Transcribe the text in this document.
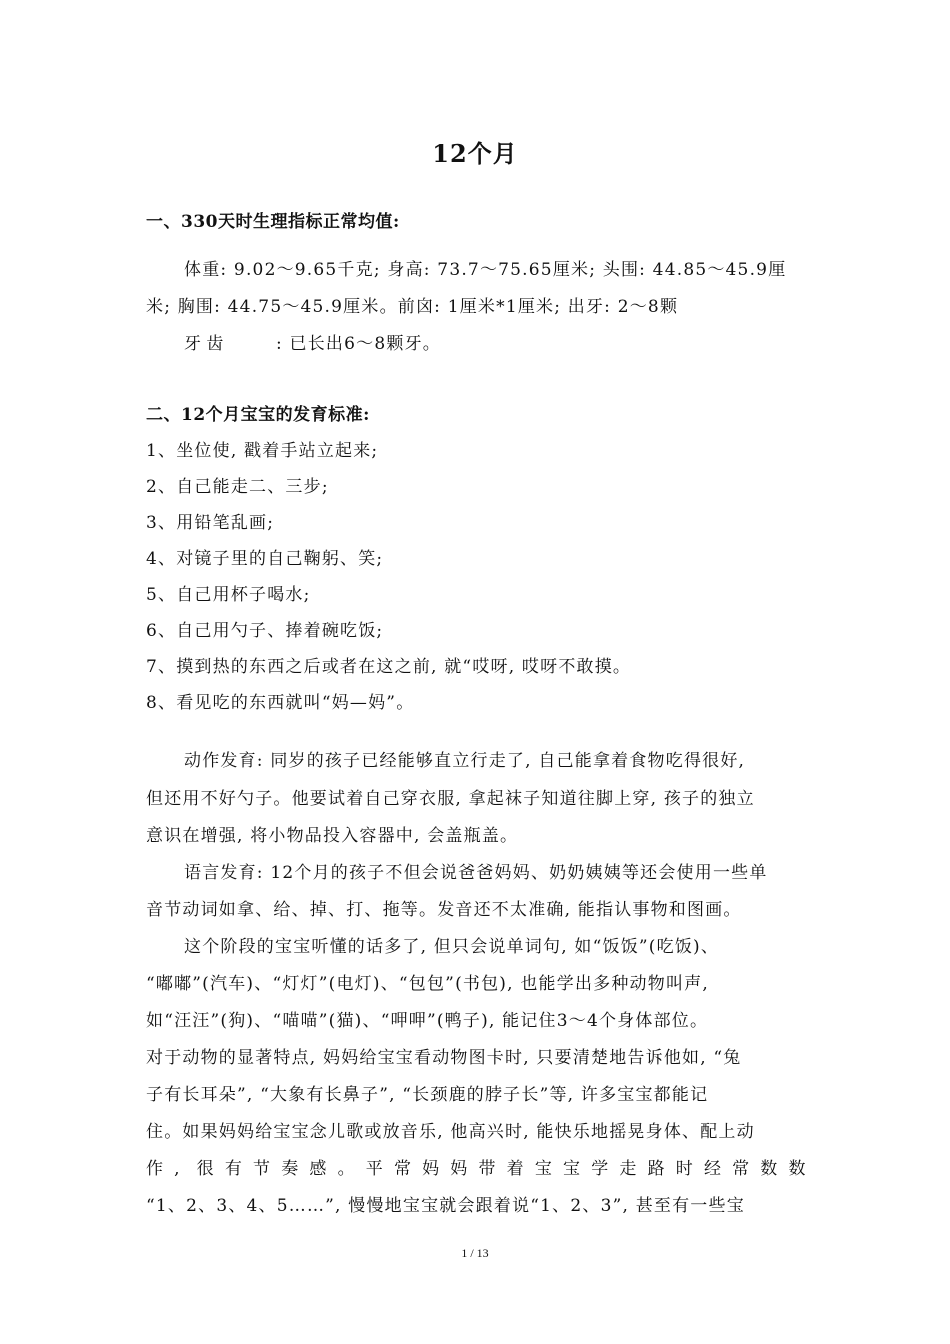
12个月
一、330天时生理指标正常均值:
体重: 9.02～9.65千克; 身高: 73.7～75.65厘米; 头围: 44.85～45.9厘
米; 胸围: 44.75～45.9厘米。前囟: 1厘米*1厘米; 出牙: 2～8颗
牙 齿	: 已长出6～8颗牙。
二、12个月宝宝的发育标准:
1、坐位使, 戳着手站立起来;
2、自己能走二、三步;
3、用铅笔乱画;
4、对镜子里的自己鞠躬、笑;
5、自己用杯子喝水;
6、自己用勺子、捧着碗吃饭;
7、摸到热的东西之后或者在这之前, 就“哎呀, 哎呀不敢摸。
8、看见吃的东西就叫“妈—妈”。
动作发育: 同岁的孩子已经能够直立行走了, 自己能拿着食物吃得很好,
但还用不好勺子。他要试着自己穿衣服, 拿起袜子知道往脚上穿, 孩子的独立
意识在增强, 将小物品投入容器中, 会盖瓶盖。
语言发育: 12个月的孩子不但会说爸爸妈妈、奶奶姨姨等还会使用一些单
音节动词如拿、给、掉、打、拖等。发音还不太准确, 能指认事物和图画。
这个阶段的宝宝听懂的话多了, 但只会说单词句, 如“饭饭”(吃饭)、
“嘟嘟”(汽车)、“灯灯”(电灯)、“包包”(书包), 也能学出多种动物叫声,
如“汪汪”(狗)、“喵喵”(猫)、“呷呷”(鸭子), 能记住3～4个身体部位。
对于动物的显著特点, 妈妈给宝宝看动物图卡时, 只要清楚地告诉他如, “兔
子有长耳朵”, “大象有长鼻子”, “长颈鹿的脖子长”等, 许多宝宝都能记
住。如果妈妈给宝宝念儿歌或放音乐, 他高兴时, 能快乐地摇晃身体、配上动
作, 很有节奏感。平常妈妈带着宝宝学走路时经常数数
“1、2、3、4、5……”, 慢慢地宝宝就会跟着说“1、2、3”, 甚至有一些宝
1 / 13
